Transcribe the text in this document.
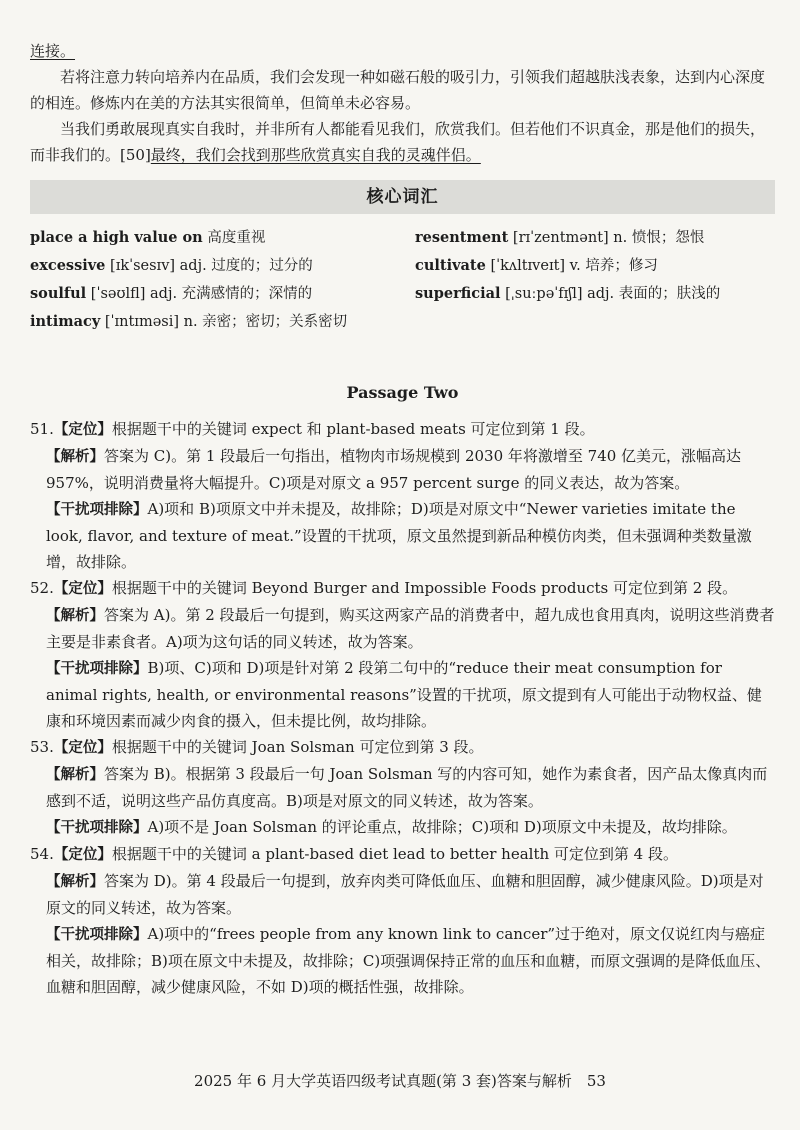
连接。

若将注意力转向培养内在品质，我们会发现一种如磁石般的吸引力，引领我们超越肤浅表象，达到内心深度的相连。修炼内在美的方法其实很简单，但简单未必容易。

当我们勇敢展现真实自我时，并非所有人都能看见我们，欣赏我们。但若他们不识真金，那是他们的损失，而非我们的。[50]最终，我们会找到那些欣赏真实自我的灵魂伴侣。

核心词汇

place a high value on 高度重视

excessive [ɪkˈsesɪv] adj. 过度的；过分的

soulful [ˈsəʊlfl] adj. 充满感情的；深情的

intimacy [ˈɪntɪməsi] n. 亲密；密切；关系密切

resentment [rɪˈzentmənt] n. 愤恨；怨恨

cultivate [ˈkʌltɪveɪt] v. 培养；修习

superficial [ˌsuːpəˈfɪʃl] adj. 表面的；肤浅的

Passage Two

51.【定位】根据题干中的关键词 expect 和 plant-based meats 可定位到第 1 段。

【解析】答案为 C)。第 1 段最后一句指出，植物肉市场规模到 2030 年将激增至 740 亿美元，涨幅高达 957%，说明消费量将大幅提升。C)项是对原文 a 957 percent surge 的同义表达，故为答案。

【干扰项排除】A)项和 B)项原文中并未提及，故排除；D)项是对原文中“Newer varieties imitate the look, flavor, and texture of meat.”设置的干扰项，原文虽然提到新品种模仿肉类，但未强调种类数量激增，故排除。

52.【定位】根据题干中的关键词 Beyond Burger and Impossible Foods products 可定位到第 2 段。

【解析】答案为 A)。第 2 段最后一句提到，购买这两家产品的消费者中，超九成也食用真肉，说明这些消费者主要是非素食者。A)项为这句话的同义转述，故为答案。

【干扰项排除】B)项、C)项和 D)项是针对第 2 段第二句中的“reduce their meat consumption for animal rights, health, or environmental reasons”设置的干扰项，原文提到有人可能出于动物权益、健康和环境因素而减少肉食的摄入，但未提比例，故均排除。

53.【定位】根据题干中的关键词 Joan Solsman 可定位到第 3 段。

【解析】答案为 B)。根据第 3 段最后一句 Joan Solsman 写的内容可知，她作为素食者，因产品太像真肉而感到不适，说明这些产品仿真度高。B)项是对原文的同义转述，故为答案。

【干扰项排除】A)项不是 Joan Solsman 的评论重点，故排除；C)项和 D)项原文中未提及，故均排除。

54.【定位】根据题干中的关键词 a plant-based diet lead to better health 可定位到第 4 段。

【解析】答案为 D)。第 4 段最后一句提到，放弃肉类可降低血压、血糖和胆固醇，减少健康风险。D)项是对原文的同义转述，故为答案。

【干扰项排除】A)项中的“frees people from any known link to cancer”过于绝对，原文仅说红肉与癌症相关，故排除；B)项在原文中未提及，故排除；C)项强调保持正常的血压和血糖，而原文强调的是降低血压、血糖和胆固醇，减少健康风险，不如 D)项的概括性强，故排除。

2025 年 6 月大学英语四级考试真题(第 3 套)答案与解析　53
